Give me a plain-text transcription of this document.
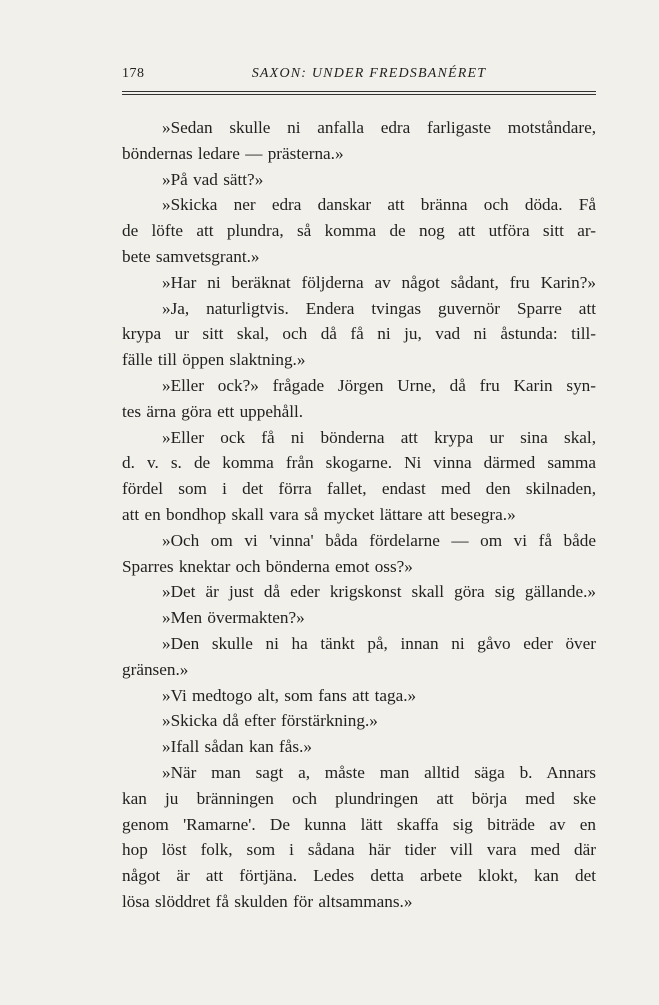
178	SAXON: UNDER FREDSBANÉRET
»Sedan skulle ni anfalla edra farligaste motståndare,
böndernas ledare — prästerna.»
»På vad sätt?»
»Skicka ner edra danskar att bränna och döda. Få
de löfte att plundra, så komma de nog att utföra sitt ar-
bete samvetsgrant.»
»Har ni beräknat följderna av något sådant, fru Karin?»
»Ja, naturligtvis. Endera tvingas guvernör Sparre att
krypa ur sitt skal, och då få ni ju, vad ni åstunda: till-
fälle till öppen slaktning.»
»Eller ock?» frågade Jörgen Urne, då fru Karin syn-
tes ärna göra ett uppehåll.
»Eller ock få ni bönderna att krypa ur sina skal,
d. v. s. de komma från skogarne. Ni vinna därmed samma
fördel som i det förra fallet, endast med den skilnaden,
att en bondhop skall vara så mycket lättare att besegra.»
»Och om vi 'vinna' båda fördelarne — om vi få både
Sparres knektar och bönderna emot oss?»
»Det är just då eder krigskonst skall göra sig gällande.»
»Men övermakten?»
»Den skulle ni ha tänkt på, innan ni gåvo eder över
gränsen.»
»Vi medtogo alt, som fans att taga.»
»Skicka då efter förstärkning.»
»Ifall sådan kan fås.»
»När man sagt a, måste man alltid säga b. Annars
kan ju bränningen och plundringen att börja med ske
genom 'Ramarne'. De kunna lätt skaffa sig biträde av en
hop löst folk, som i sådana här tider vill vara med där
något är att förtjäna. Ledes detta arbete klokt, kan det
lösa slöddret få skulden för altsammans.»
